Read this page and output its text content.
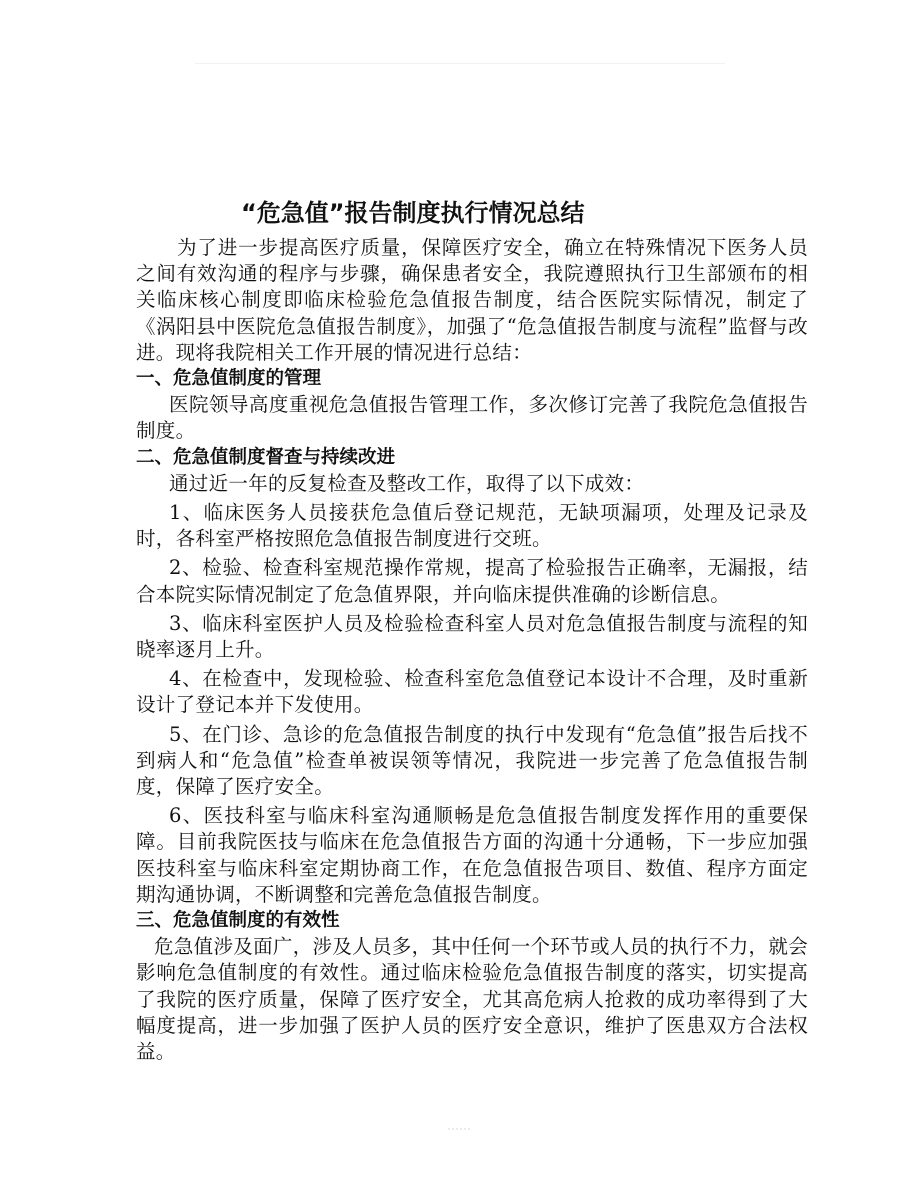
“危急值”报告制度执行情况总结

为了进一步提高医疗质量，保障医疗安全，确立在特殊情况下医务人员之间有效沟通的程序与步骤，确保患者安全，我院遵照执行卫生部颁布的相关临床核心制度即临床检验危急值报告制度，结合医院实际情况，制定了《涡阳县中医院危急值报告制度》，加强了“危急值报告制度与流程”监督与改进。现将我院相关工作开展的情况进行总结：

一、危急值制度的管理

医院领导高度重视危急值报告管理工作，多次修订完善了我院危急值报告制度。

二、危急值制度督查与持续改进

通过近一年的反复检查及整改工作，取得了以下成效：

1、临床医务人员接获危急值后登记规范，无缺项漏项，处理及记录及时，各科室严格按照危急值报告制度进行交班。

2、检验、检查科室规范操作常规，提高了检验报告正确率，无漏报，结合本院实际情况制定了危急值界限，并向临床提供准确的诊断信息。

3、临床科室医护人员及检验检查科室人员对危急值报告制度与流程的知晓率逐月上升。

4、在检查中，发现检验、检查科室危急值登记本设计不合理，及时重新设计了登记本并下发使用。

5、在门诊、急诊的危急值报告制度的执行中发现有“危急值”报告后找不到病人和“危急值”检查单被误领等情况，我院进一步完善了危急值报告制度，保障了医疗安全。

6、医技科室与临床科室沟通顺畅是危急值报告制度发挥作用的重要保障。目前我院医技与临床在危急值报告方面的沟通十分通畅，下一步应加强医技科室与临床科室定期协商工作，在危急值报告项目、数值、程序方面定期沟通协调，不断调整和完善危急值报告制度。

三、危急值制度的有效性

危急值涉及面广，涉及人员多，其中任何一个环节或人员的执行不力，就会影响危急值制度的有效性。通过临床检验危急值报告制度的落实，切实提高了我院的医疗质量，保障了医疗安全，尤其高危病人抢救的成功率得到了大幅度提高，进一步加强了医护人员的医疗安全意识，维护了医患双方合法权益。
